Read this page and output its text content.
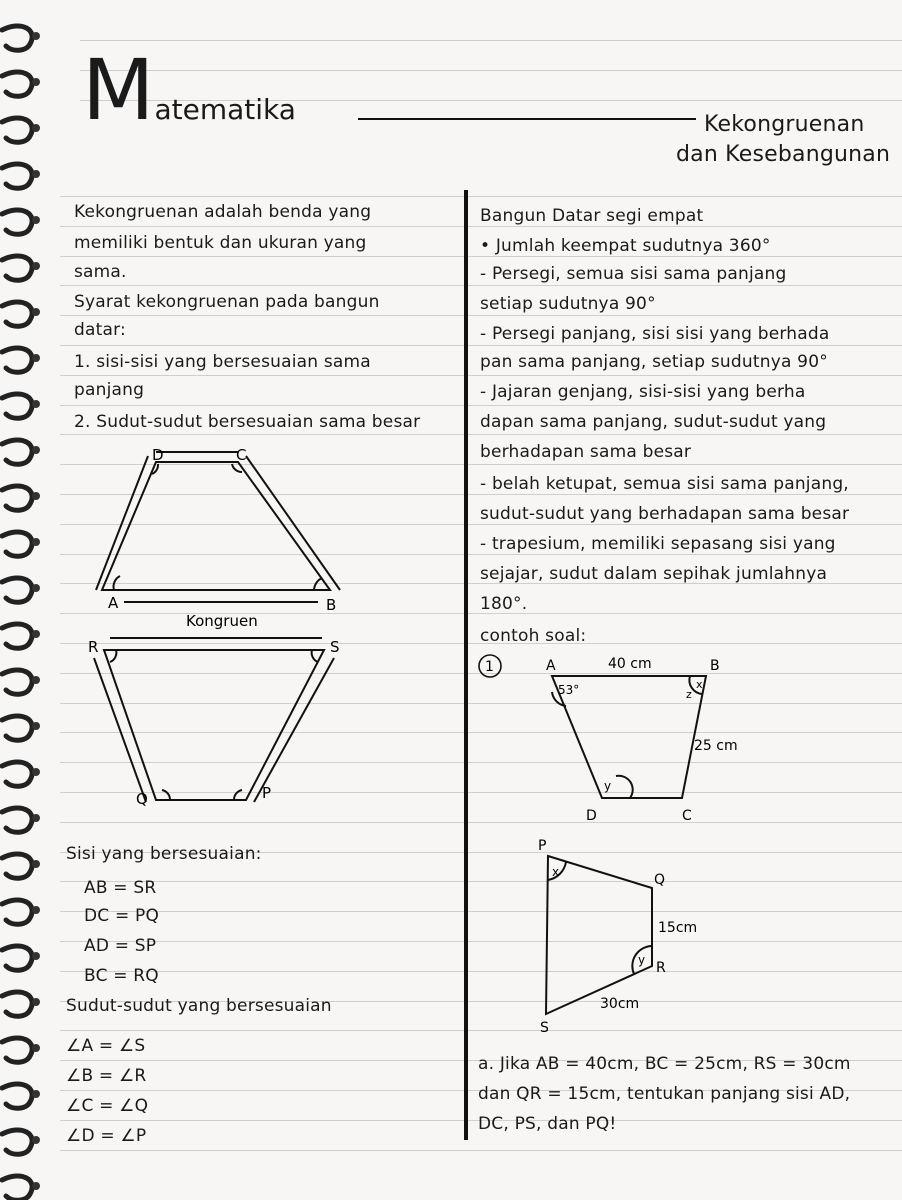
Matematika	Kekongruenan
dan Kesebangunan
Kekongruenan adalah benda yang
memiliki bentuk dan ukuran yang
sama.
Syarat kekongruenan pada bangun
datar:
1. sisi-sisi yang bersesuaian sama
panjang
2. Sudut-sudut bersesuaian sama besar
D	C
A	B
Kongruen
R	S
Q	P
Sisi yang bersesuaian:
AB = SR
DC = PQ
AD = SP
BC = RQ
Sudut-sudut yang bersesuaian
∠A = ∠S
∠B = ∠R
∠C = ∠Q
∠D = ∠P
Bangun Datar segi empat
• Jumlah keempat sudutnya 360°
- Persegi, semua sisi sama panjang
setiap sudutnya 90°
- Persegi panjang, sisi sisi yang berhada
pan sama panjang, setiap sudutnya 90°
- Jajaran genjang, sisi-sisi yang berha
dapan sama panjang, sudut-sudut yang
berhadapan sama besar
- belah ketupat, semua sisi sama panjang,
sudut-sudut yang berhadapan sama besar
- trapesium, memiliki sepasang sisi yang
sejajar, sudut dalam sepihak jumlahnya
180°.
contoh soal:
1	A	B
C
D
40 cm
25 cm
53°	x
z
y
P
Q
R
S
15cm
30cm
x
y
a. Jika AB = 40cm, BC = 25cm, RS = 30cm
dan QR = 15cm, tentukan panjang sisi AD,
DC, PS, dan PQ!
